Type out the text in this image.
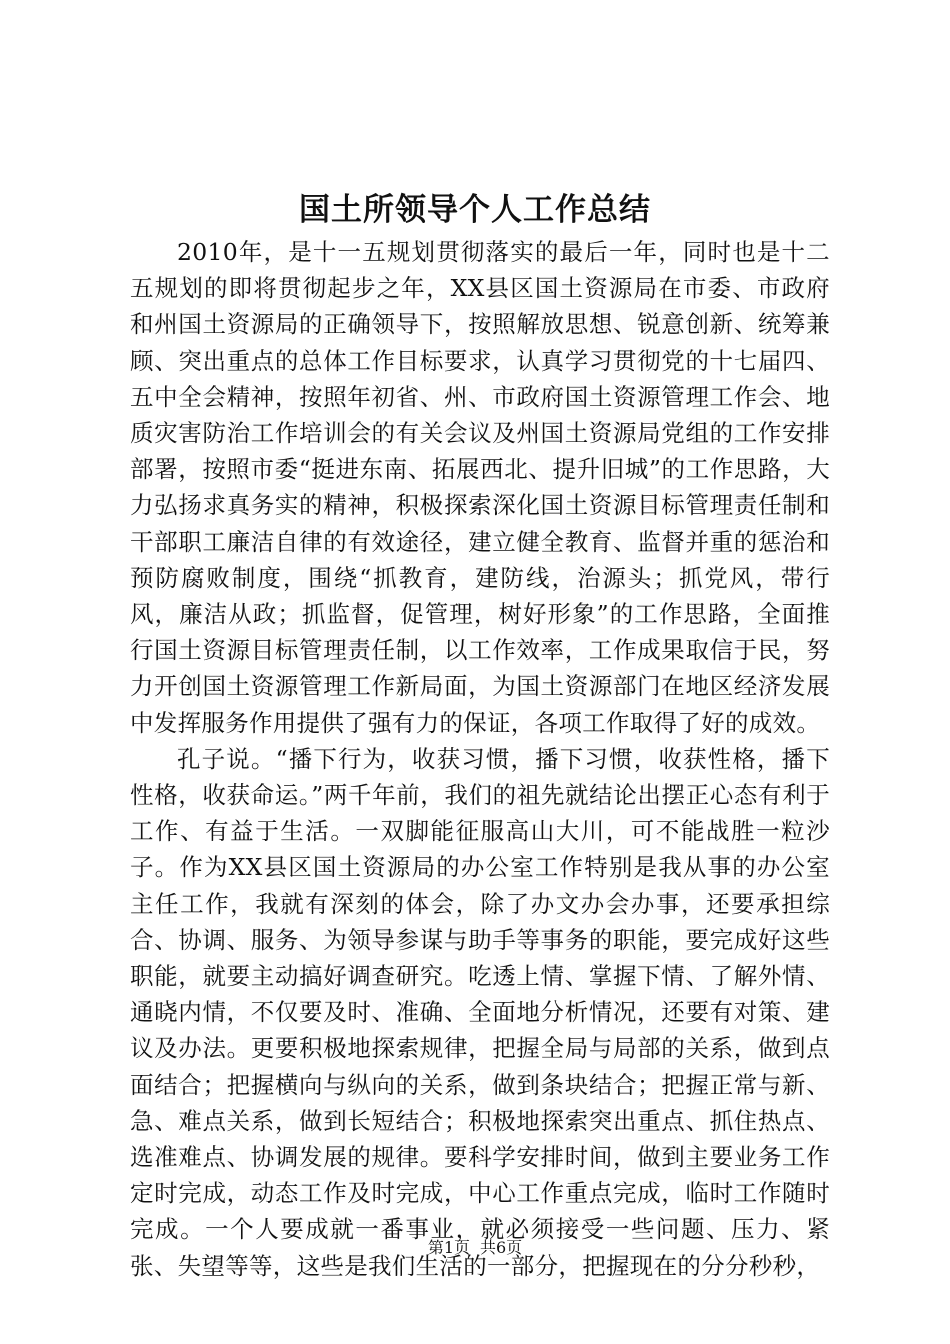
国土所领导个人工作总结

2010年，是十一五规划贯彻落实的最后一年，同时也是十二五规划的即将贯彻起步之年，XX县区国土资源局在市委、市政府和州国土资源局的正确领导下，按照解放思想、锐意创新、统筹兼顾、突出重点的总体工作目标要求，认真学习贯彻党的十七届四、五中全会精神，按照年初省、州、市政府国土资源管理工作会、地质灾害防治工作培训会的有关会议及州国土资源局党组的工作安排部署，按照市委“挺进东南、拓展西北、提升旧城”的工作思路，大力弘扬求真务实的精神，积极探索深化国土资源目标管理责任制和干部职工廉洁自律的有效途径，建立健全教育、监督并重的惩治和预防腐败制度，围绕“抓教育，建防线，治源头；抓党风，带行风，廉洁从政；抓监督，促管理，树好形象”的工作思路，全面推行国土资源目标管理责任制，以工作效率，工作成果取信于民，努力开创国土资源管理工作新局面，为国土资源部门在地区经济发展中发挥服务作用提供了强有力的保证，各项工作取得了好的成效。

孔子说。“播下行为，收获习惯，播下习惯，收获性格，播下性格，收获命运。”两千年前，我们的祖先就结论出摆正心态有利于工作、有益于生活。一双脚能征服高山大川，可不能战胜一粒沙子。作为XX县区国土资源局的办公室工作特别是我从事的办公室主任工作，我就有深刻的体会，除了办文办会办事，还要承担综合、协调、服务、为领导参谋与助手等事务的职能，要完成好这些职能，就要主动搞好调查研究。吃透上情、掌握下情、了解外情、通晓内情，不仅要及时、准确、全面地分析情况，还要有对策、建议及办法。更要积极地探索规律，把握全局与局部的关系，做到点面结合；把握横向与纵向的关系，做到条块结合；把握正常与新、急、难点关系，做到长短结合；积极地探索突出重点、抓住热点、选准难点、协调发展的规律。要科学安排时间，做到主要业务工作定时完成，动态工作及时完成，中心工作重点完成，临时工作随时完成。一个人要成就一番事业，就必须接受一些问题、压力、紧张、失望等等，这些是我们生活的一部分，把握现在的分分秒秒，

第1页 共6页
